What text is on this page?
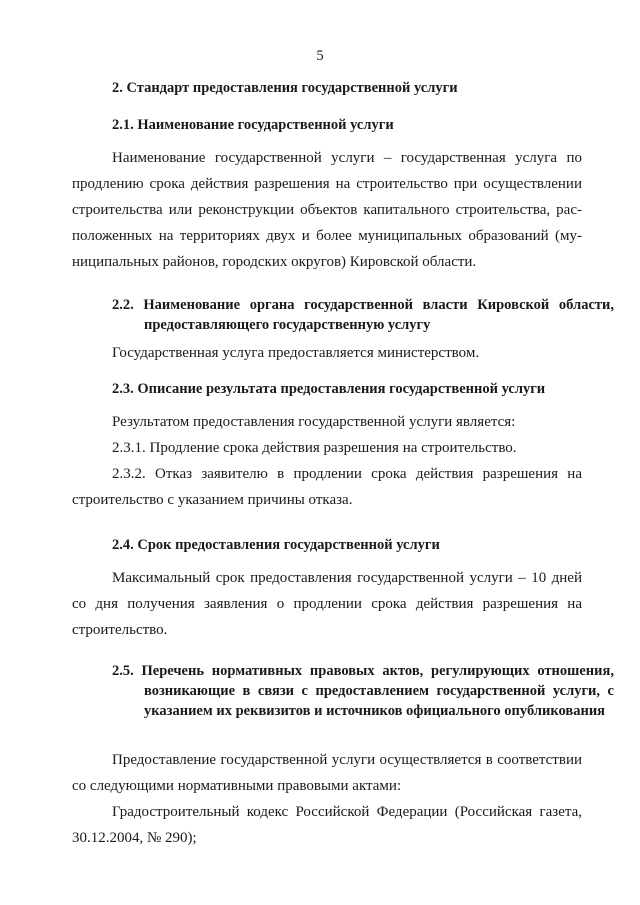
5
2. Стандарт предоставления государственной услуги
2.1. Наименование государственной услуги
Наименование государственной услуги – государственная услуга по продлению срока действия разрешения на строительство при осуществлении строительства или реконструкции объектов капитального строительства, расположенных на территориях двух и более муниципальных образований (муниципальных районов, городских округов) Кировской области.
2.2. Наименование органа государственной власти Кировской области, предоставляющего государственную услугу
Государственная услуга предоставляется министерством.
2.3. Описание результата предоставления государственной услуги
Результатом предоставления государственной услуги является:
2.3.1. Продление срока действия разрешения на строительство.
2.3.2. Отказ заявителю в продлении срока действия разрешения на строительство с указанием причины отказа.
2.4. Срок предоставления государственной услуги
Максимальный срок предоставления государственной услуги – 10 дней со дня получения заявления о продлении срока действия разрешения на строительство.
2.5. Перечень нормативных правовых актов, регулирующих отношения, возникающие в связи с предоставлением государственной услуги, с указанием их реквизитов и источников официального опубликования
Предоставление государственной услуги осуществляется в соответствии со следующими нормативными правовыми актами:
Градостроительный кодекс Российской Федерации (Российская газета, 30.12.2004, № 290);
